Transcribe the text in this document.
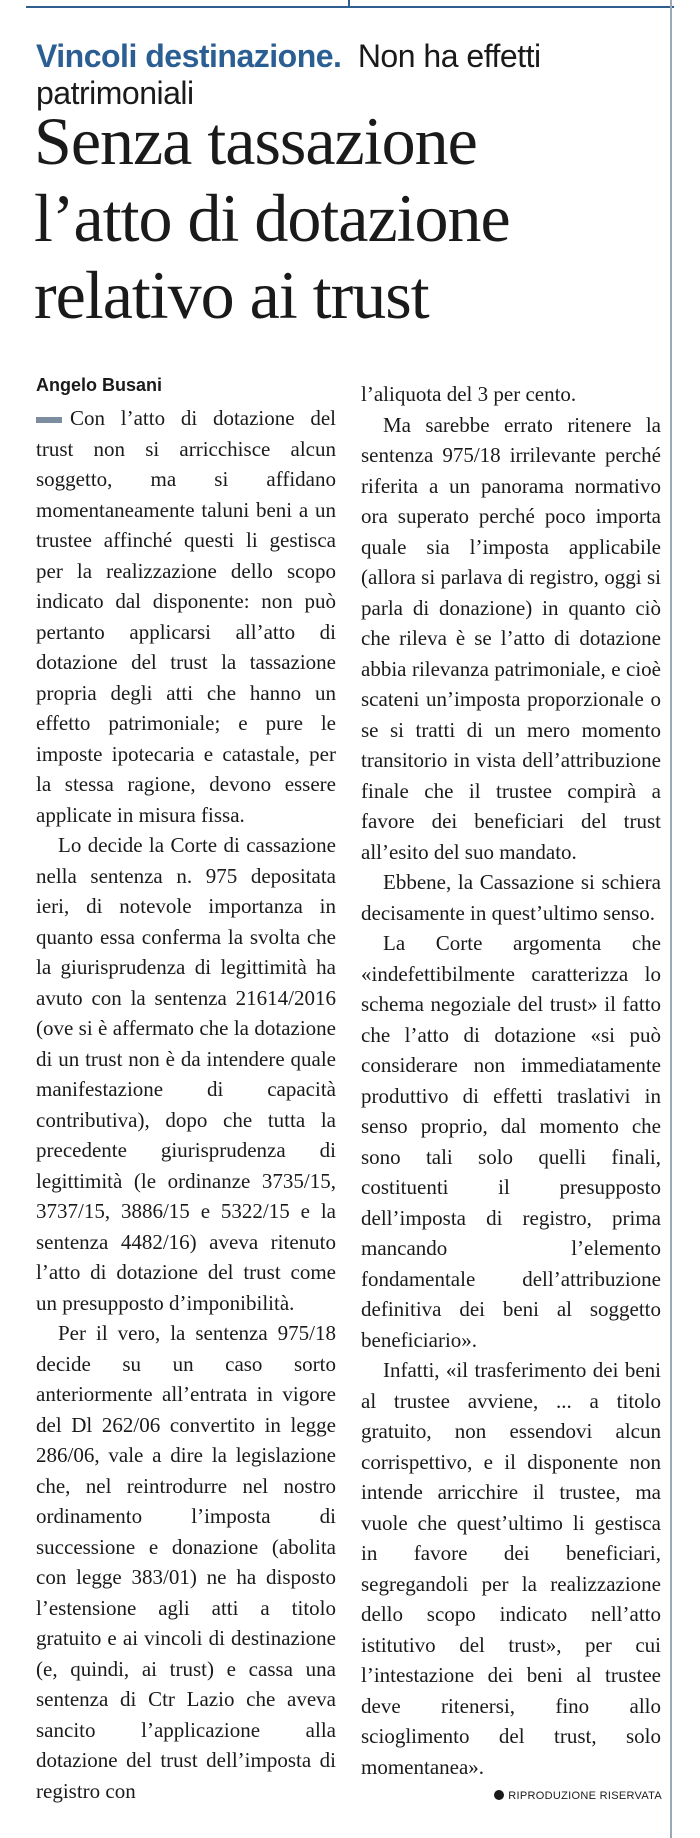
Vincoli destinazione. Non ha effetti patrimoniali
Senza tassazione
l’atto di dotazione
relativo ai trust
Angelo Busani

Con l’atto di dotazione del trust non si arricchisce alcun soggetto, ma si affidano momentaneamente taluni beni a un trustee affinché questi li gestisca per la realizzazione dello scopo indicato dal disponente: non può pertanto applicarsi all’atto di dotazione del trust la tassazione propria degli atti che hanno un effetto patrimoniale; e pure le imposte ipotecaria e catastale, per la stessa ragione, devono essere applicate in misura fissa.

Lo decide la Corte di cassazione nella sentenza n. 975 depositata ieri, di notevole importanza in quanto essa conferma la svolta che la giurisprudenza di legittimità ha avuto con la sentenza 21614/2016 (ove si è affermato che la dotazione di un trust non è da intendere quale manifestazione di capacità contributiva), dopo che tutta la precedente giurisprudenza di legittimità (le ordinanze 3735/15, 3737/15, 3886/15 e 5322/15 e la sentenza 4482/16) aveva ritenuto l’atto di dotazione del trust come un presupposto d’imponibilità.

Per il vero, la sentenza 975/18 decide su un caso sorto anteriormente all’entrata in vigore del Dl 262/06 convertito in legge 286/06, vale a dire la legislazione che, nel reintrodurre nel nostro ordinamento l’imposta di successione e donazione (abolita con legge 383/01) ne ha disposto l’estensione agli atti a titolo gratuito e ai vincoli di destinazione (e, quindi, ai trust) e cassa una sentenza di Ctr Lazio che aveva sancito l’applicazione alla dotazione del trust dell’imposta di registro con

l’aliquota del 3 per cento.

Ma sarebbe errato ritenere la sentenza 975/18 irrilevante perché riferita a un panorama normativo ora superato perché poco importa quale sia l’imposta applicabile (allora si parlava di registro, oggi si parla di donazione) in quanto ciò che rileva è se l’atto di dotazione abbia rilevanza patrimoniale, e cioè scateni un’imposta proporzionale o se si tratti di un mero momento transitorio in vista dell’attribuzione finale che il trustee compirà a favore dei beneficiari del trust all’esito del suo mandato.

Ebbene, la Cassazione si schiera decisamente in quest’ultimo senso.

La Corte argomenta che «indefettibilmente caratterizza lo schema negoziale del trust» il fatto che l’atto di dotazione «si può considerare non immediatamente produttivo di effetti traslativi in senso proprio, dal momento che sono tali solo quelli finali, costituenti il presupposto dell’imposta di registro, prima mancando l’elemento fondamentale dell’attribuzione definitiva dei beni al soggetto beneficiario».

Infatti, «il trasferimento dei beni al trustee avviene, ... a titolo gratuito, non essendovi alcun corrispettivo, e il disponente non intende arricchire il trustee, ma vuole che quest’ultimo li gestisca in favore dei beneficiari, segregandoli per la realizzazione dello scopo indicato nell’atto istitutivo del trust», per cui l’intestazione dei beni al trustee deve ritenersi, fino allo scioglimento del trust, solo momentanea».

RIPRODUZIONE RISERVATA
